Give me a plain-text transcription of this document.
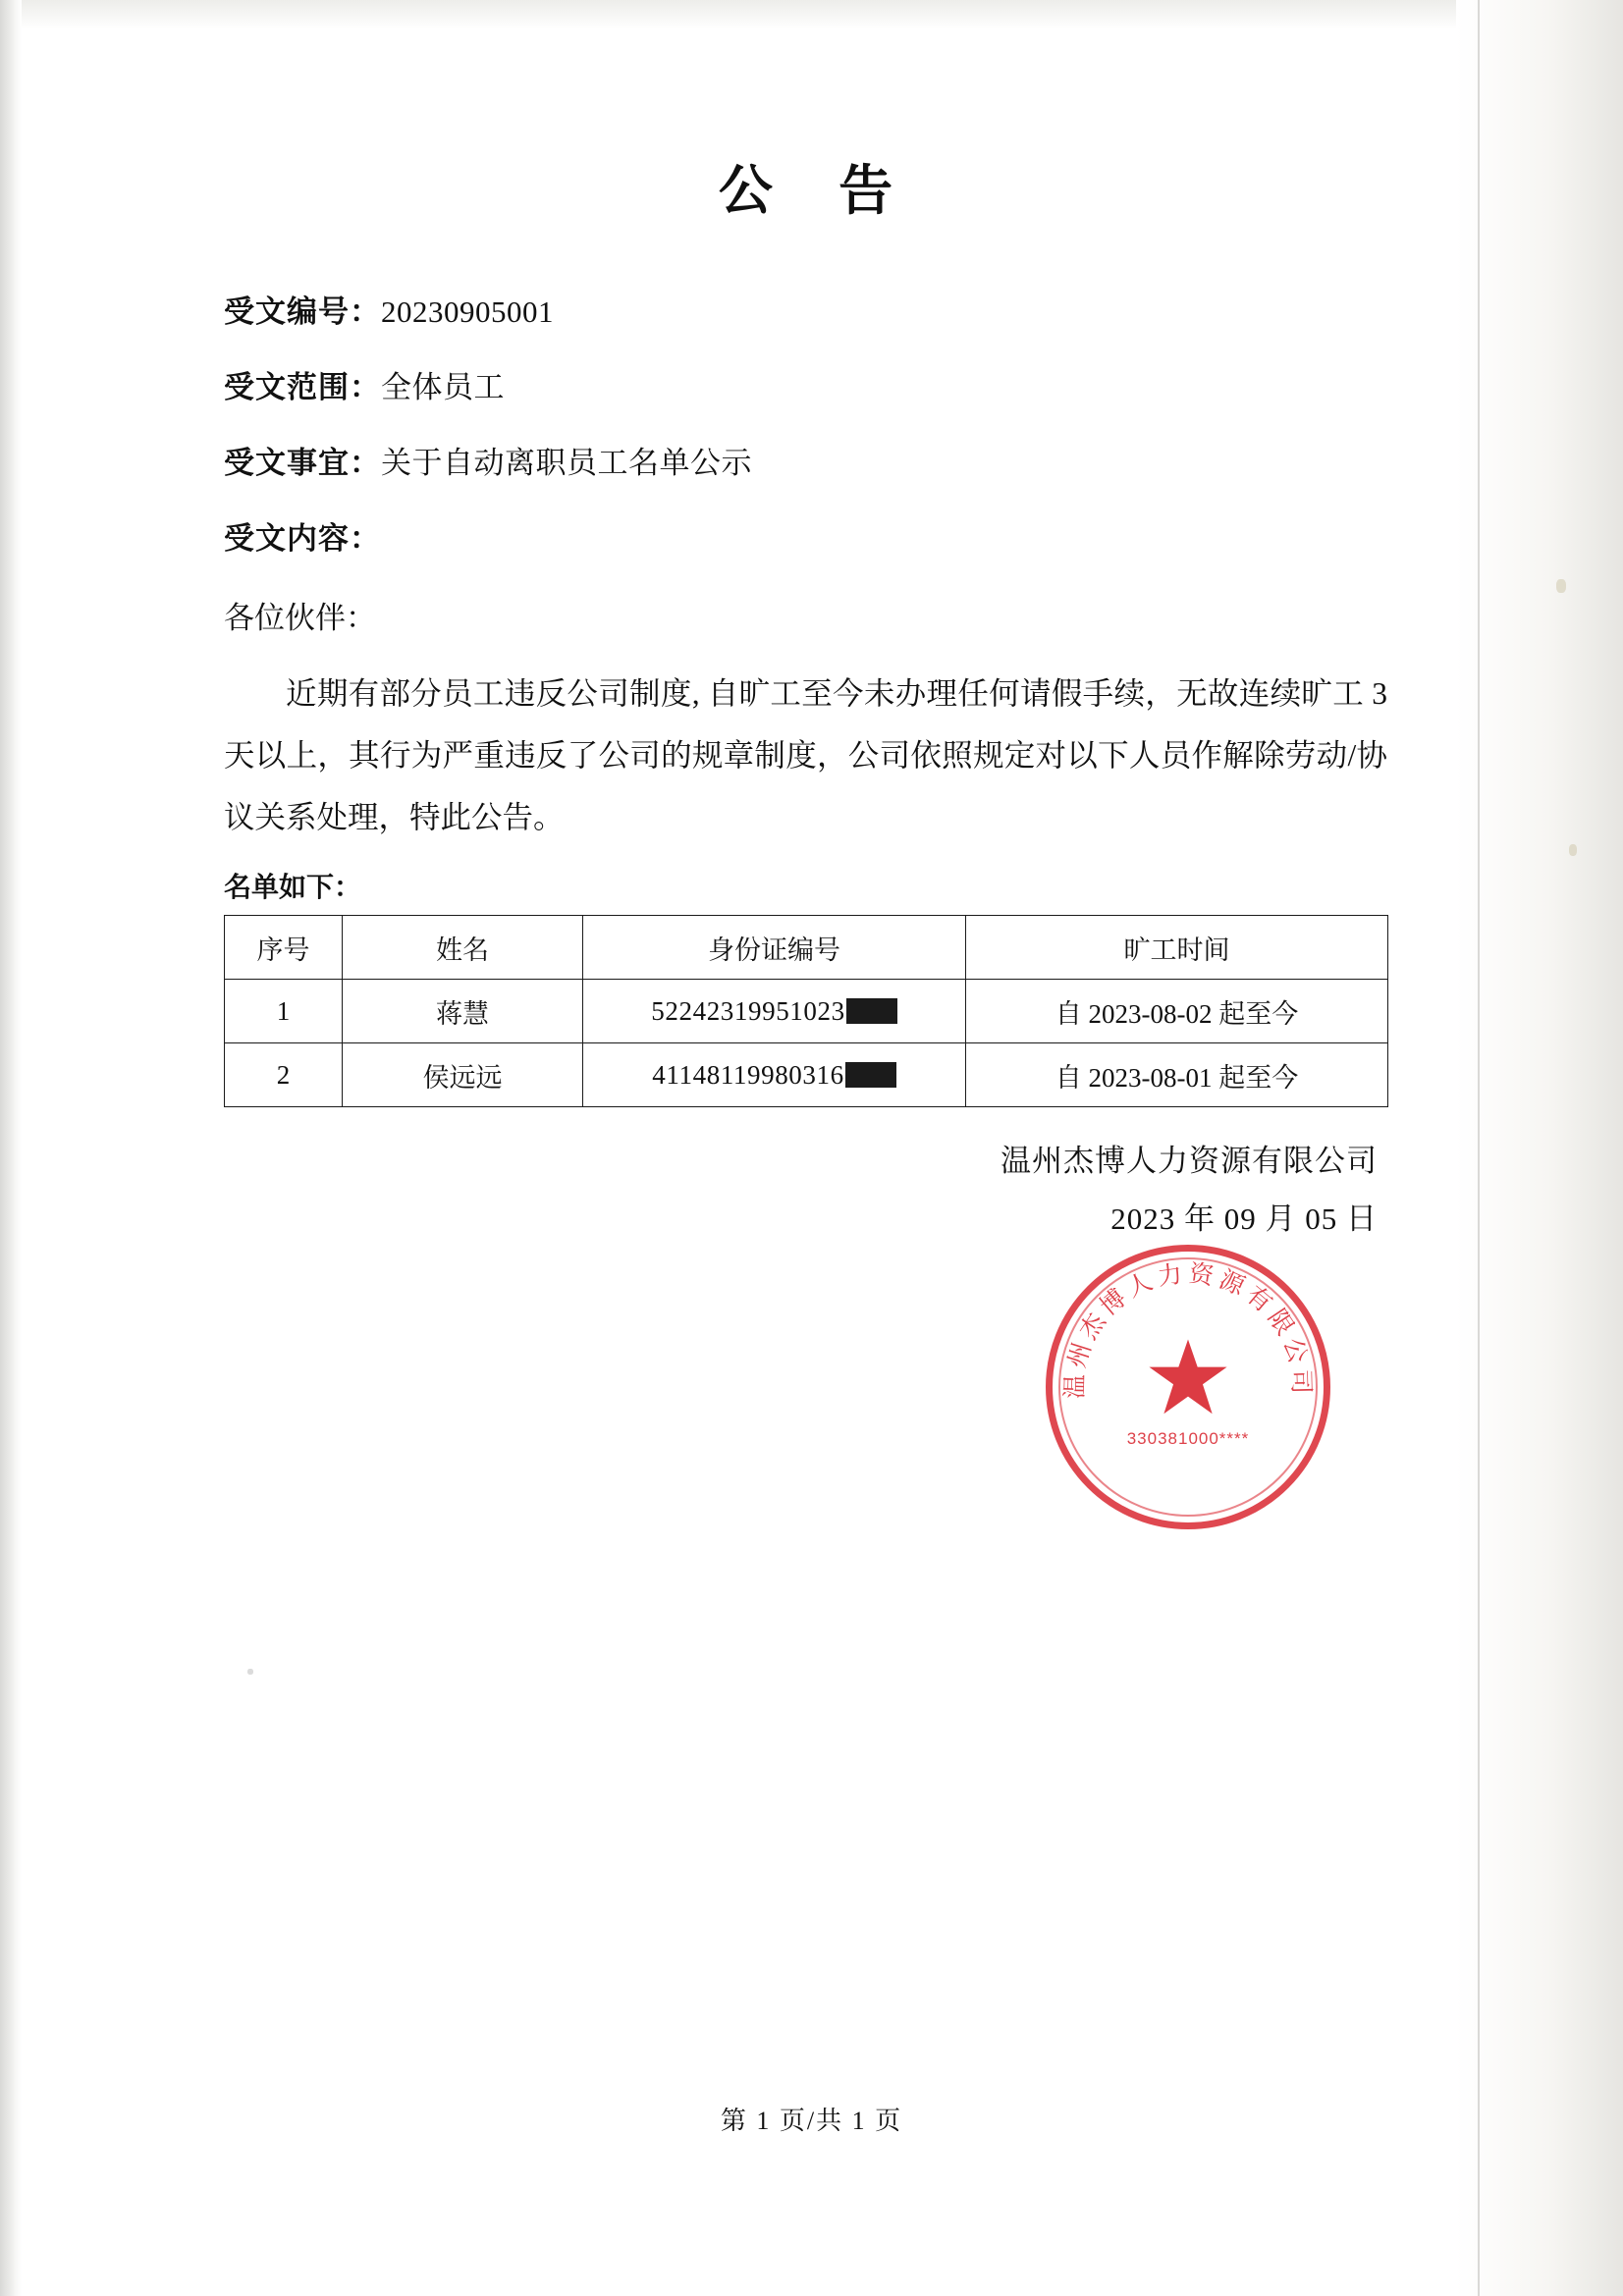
公 告
受文编号：20230905001
受文范围：全体员工
受文事宜：关于自动离职员工名单公示
受文内容：
各位伙伴：

近期有部分员工违反公司制度, 自旷工至今未办理任何请假手续，无故连续旷工 3 天以上，其行为严重违反了公司的规章制度，公司依照规定对以下人员作解除劳动/协议关系处理，特此公告。

名单如下：
序号	姓名	身份证编号	旷工时间
1	蒋慧	52242319951023	自 2023-08-02 起至今
2	侯远远	41148119980316	自 2023-08-01 起至今
温州杰博人力资源有限公司
2023 年 09 月 05 日
温州杰博人力资源有限公司
330381000****
第 1 页/共 1 页
